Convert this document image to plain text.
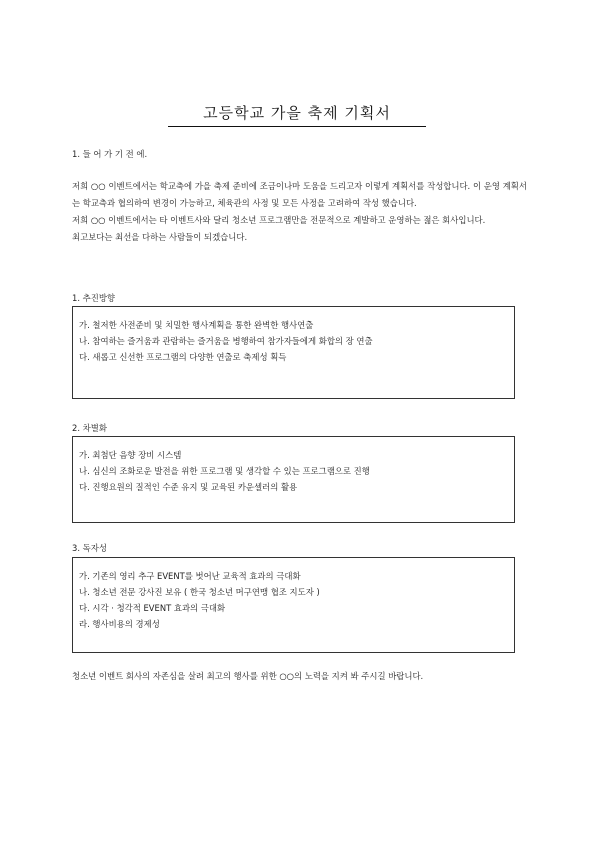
고등학교 가을 축제 기획서
1. 들 어 가 기 전 에.

저희 ○○ 이벤트에서는 학교축에 가을 축제 준비에 조금이나마 도움을 드리고자 이렇게 계획서를 작성합니다. 이 운영 계획서는 학교측과 협의하여 변경이 가능하고, 체육관의 사정 및 모든 사정을 고려하여 작성 했습니다.

저희 ○○ 이벤트에서는 타 이벤트사와 달리 청소년 프로그램만을 전문적으로 계발하고 운영하는 젊은 회사입니다.

최고보다는 최선을 다하는 사람들이 되겠습니다.

1. 추진방향
가. 철저한 사전준비 및 치밀한 행사계획을 통한 완벽한 행사연출
나. 참여하는 즐거움과 관람하는 즐거움을 병행하여 참가자들에게 화합의 장 연출
다. 새롭고 신선한 프로그램의 다양한 연출로 축제성 획득
2. 차별화
가. 최첨단 음향 장비 시스템
나. 심신의 조화로운 발전을 위한 프로그램 및 생각할 수 있는 프로그램으로 진행
다. 진행요원의 질적인 수준 유지 및 교육된 카운셀러의 활용
3. 독자성
가. 기존의 영리 추구 EVENT를 벗어난 교육적 효과의 극대화
나. 청소년 전문 강사진 보유 ( 한국 청소년 머구연맹 협조 지도자 )
다. 시각 · 청각적 EVENT 효과의 극대화
라. 행사비용의 경제성
청소년 이벤트 회사의 자존심을 살려 최고의 행사를 위한 ○○의 노력을 지켜 봐 주시길 바랍니다.
